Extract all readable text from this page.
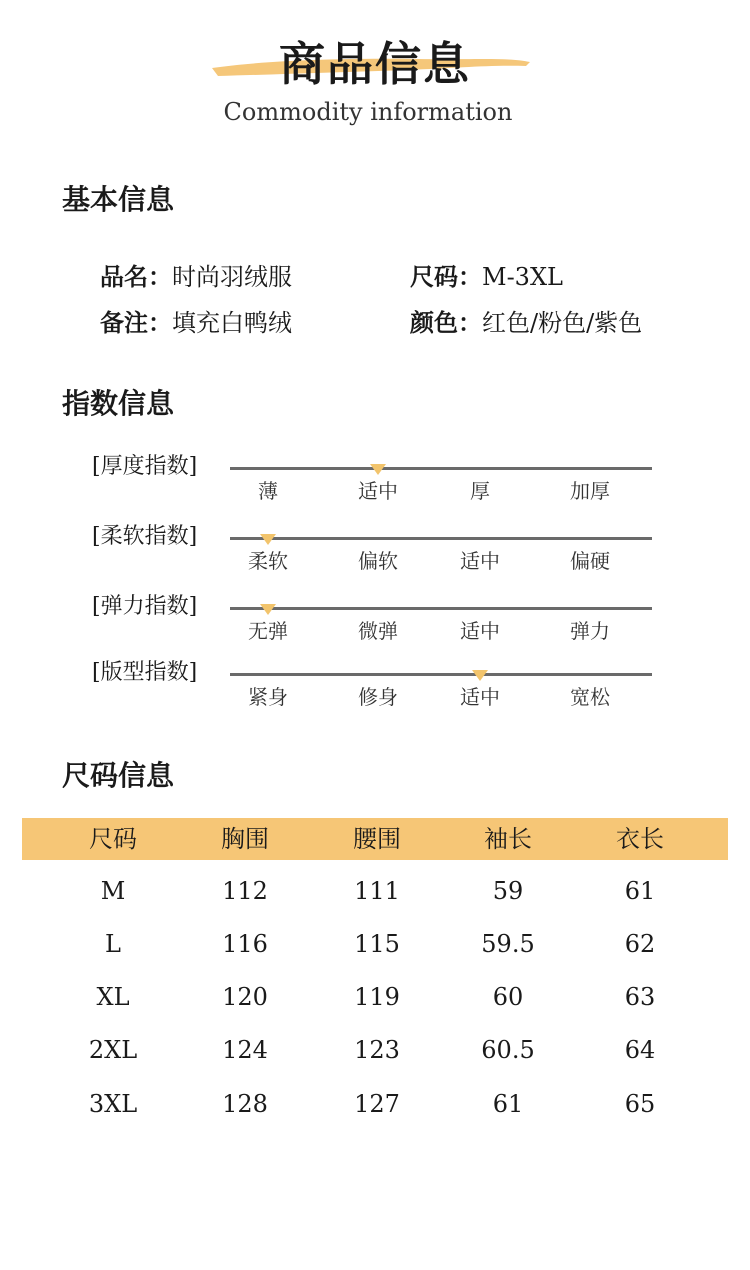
商品信息
Commodity information
基本信息
品名：时尚羽绒服	尺码：M-3XL
备注：填充白鸭绒	颜色：红色/粉色/紫色
指数信息
[厚度指数]
薄	适中	厚	加厚
[柔软指数]
柔软	偏软	适中	偏硬
[弹力指数]
无弹	微弹	适中	弹力
[版型指数]
紧身	修身	适中	宽松
尺码信息
尺码	胸围	腰围	袖长	衣长
M	112	111	59	61
L	116	115	59.5	62
XL	120	119	60	63
2XL	124	123	60.5	64
3XL	128	127	61	65
